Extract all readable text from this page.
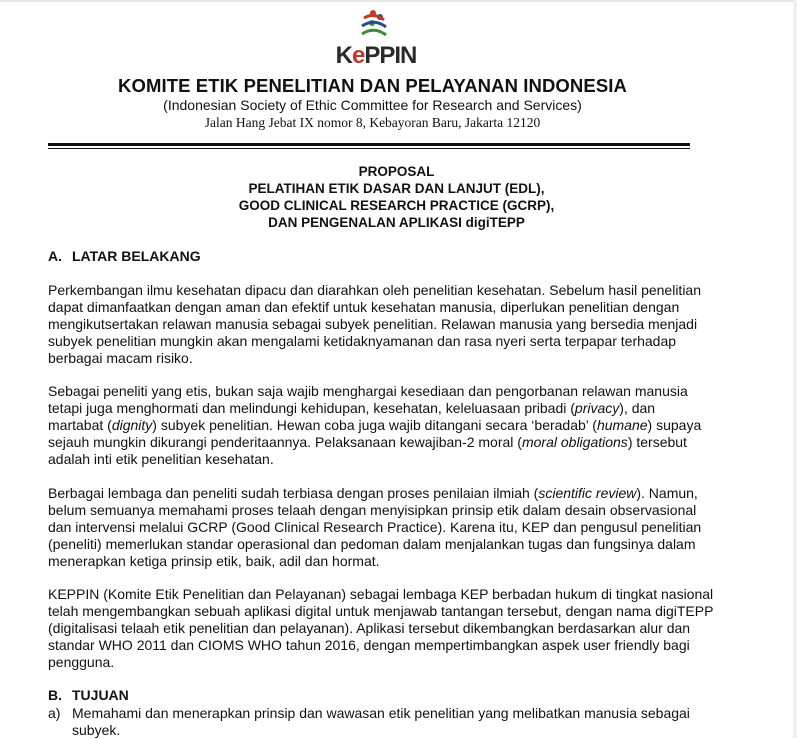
KePPIN
KOMITE ETIK PENELITIAN DAN PELAYANAN INDONESIA
(Indonesian Society of Ethic Committee for Research and Services)
Jalan Hang Jebat IX nomor 8, Kebayoran Baru, Jakarta 12120
PROPOSAL
PELATIHAN ETIK DASAR DAN LANJUT (EDL),
GOOD CLINICAL RESEARCH PRACTICE (GCRP),
DAN PENGENALAN APLIKASI digiTEPP
A. LATAR BELAKANG
Perkembangan ilmu kesehatan dipacu dan diarahkan oleh penelitian kesehatan. Sebelum hasil penelitian
dapat dimanfaatkan dengan aman dan efektif untuk kesehatan manusia, diperlukan penelitian dengan
mengikutsertakan relawan manusia sebagai subyek penelitian. Relawan manusia yang bersedia menjadi
subyek penelitian mungkin akan mengalami ketidaknyamanan dan rasa nyeri serta terpapar terhadap
berbagai macam risiko.
Sebagai peneliti yang etis, bukan saja wajib menghargai kesediaan dan pengorbanan relawan manusia
tetapi juga menghormati dan melindungi kehidupan, kesehatan, keleluasaan pribadi (privacy), dan
martabat (dignity) subyek penelitian. Hewan coba juga wajib ditangani secara ‘beradab’ (humane) supaya
sejauh mungkin dikurangi penderitaannya. Pelaksanaan kewajiban-2 moral (moral obligations) tersebut
adalah inti etik penelitian kesehatan.
Berbagai lembaga dan peneliti sudah terbiasa dengan proses penilaian ilmiah (scientific review). Namun,
belum semuanya memahami proses telaah dengan menyisipkan prinsip etik dalam desain observasional
dan intervensi melalui GCRP (Good Clinical Research Practice). Karena itu, KEP dan pengusul penelitian
(peneliti) memerlukan standar operasional dan pedoman dalam menjalankan tugas dan fungsinya dalam
menerapkan ketiga prinsip etik, baik, adil dan hormat.
KEPPIN (Komite Etik Penelitian dan Pelayanan) sebagai lembaga KEP berbadan hukum di tingkat nasional
telah mengembangkan sebuah aplikasi digital untuk menjawab tantangan tersebut, dengan nama digiTEPP
(digitalisasi telaah etik penelitian dan pelayanan). Aplikasi tersebut dikembangkan berdasarkan alur dan
standar WHO 2011 dan CIOMS WHO tahun 2016, dengan mempertimbangkan aspek user friendly bagi
pengguna.
B. TUJUAN
a) Memahami dan menerapkan prinsip dan wawasan etik penelitian yang melibatkan manusia sebagai
subyek.
